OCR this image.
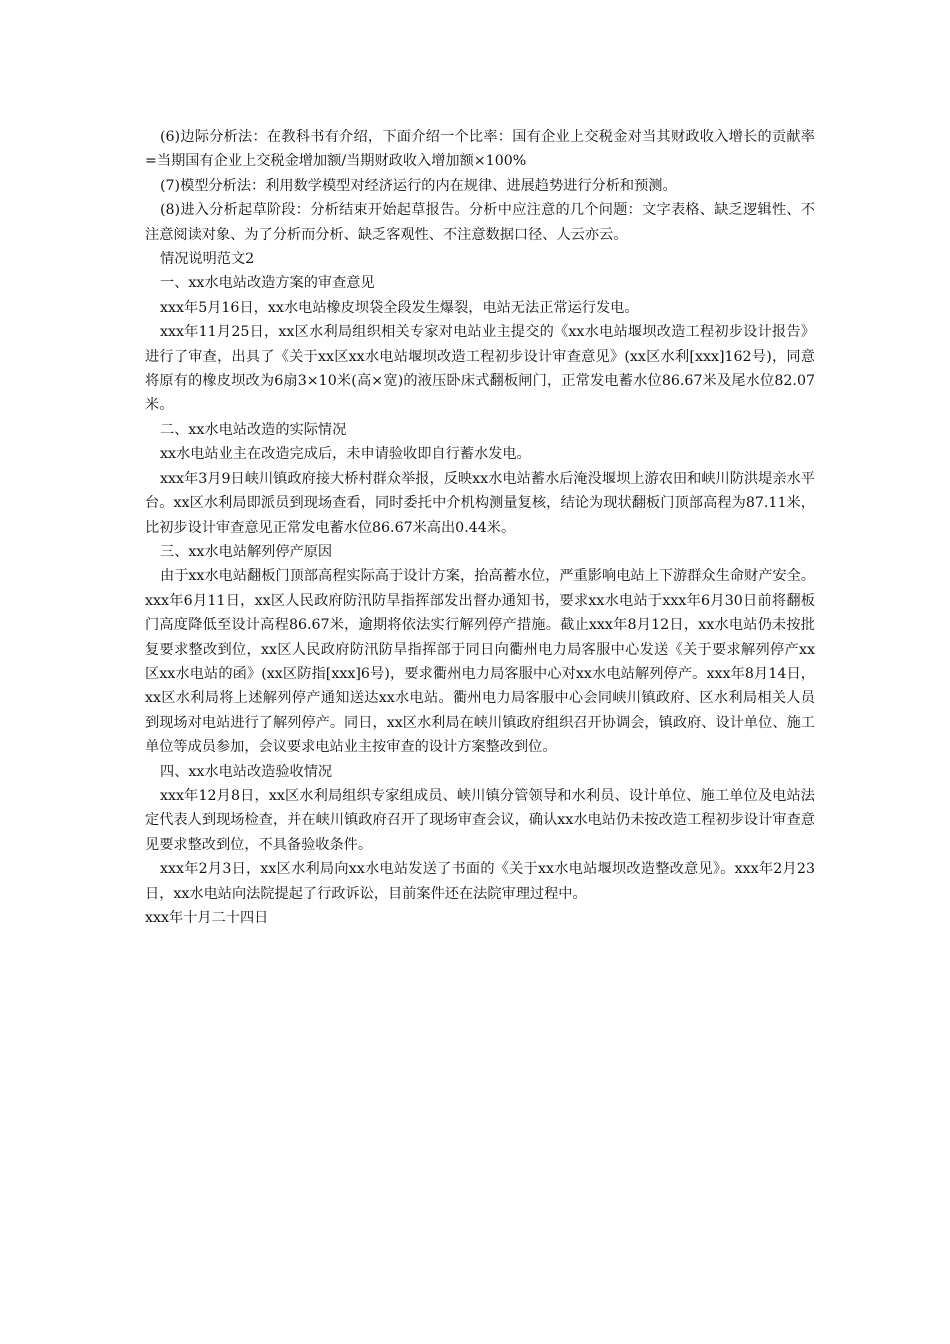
(6)边际分析法：在教科书有介绍，下面介绍一个比率：国有企业上交税金对当其财政收入增长的贡献率=当期国有企业上交税金增加额/当期财政收入增加额×100%

(7)模型分析法：利用数学模型对经济运行的内在规律、进展趋势进行分析和预测。

(8)进入分析起草阶段：分析结束开始起草报告。分析中应注意的几个问题：文字表格、缺乏逻辑性、不注意阅读对象、为了分析而分析、缺乏客观性、不注意数据口径、人云亦云。

情况说明范文2

一、xx水电站改造方案的审查意见

xxx年5月16日，xx水电站橡皮坝袋全段发生爆裂，电站无法正常运行发电。

xxx年11月25日，xx区水利局组织相关专家对电站业主提交的《xx水电站堰坝改造工程初步设计报告》进行了审查，出具了《关于xx区xx水电站堰坝改造工程初步设计审查意见》(xx区水利[xxx]162号)，同意将原有的橡皮坝改为6扇3×10米(高×宽)的液压卧床式翻板闸门，正常发电蓄水位86.67米及尾水位82.07米。

二、xx水电站改造的实际情况

xx水电站业主在改造完成后，未申请验收即自行蓄水发电。

xxx年3月9日峡川镇政府接大桥村群众举报，反映xx水电站蓄水后淹没堰坝上游农田和峡川防洪堤亲水平台。xx区水利局即派员到现场查看，同时委托中介机构测量复核，结论为现状翻板门顶部高程为87.11米，比初步设计审查意见正常发电蓄水位86.67米高出0.44米。

三、xx水电站解列停产原因

由于xx水电站翻板门顶部高程实际高于设计方案，抬高蓄水位，严重影响电站上下游群众生命财产安全。xxx年6月11日，xx区人民政府防汛防旱指挥部发出督办通知书，要求xx水电站于xxx年6月30日前将翻板门高度降低至设计高程86.67米，逾期将依法实行解列停产措施。截止xxx年8月12日，xx水电站仍未按批复要求整改到位，xx区人民政府防汛防旱指挥部于同日向衢州电力局客服中心发送《关于要求解列停产xx区xx水电站的函》(xx区防指[xxx]6号)，要求衢州电力局客服中心对xx水电站解列停产。xxx年8月14日，xx区水利局将上述解列停产通知送达xx水电站。衢州电力局客服中心会同峡川镇政府、区水利局相关人员到现场对电站进行了解列停产。同日，xx区水利局在峡川镇政府组织召开协调会，镇政府、设计单位、施工单位等成员参加，会议要求电站业主按审查的设计方案整改到位。

四、xx水电站改造验收情况

xxx年12月8日，xx区水利局组织专家组成员、峡川镇分管领导和水利员、设计单位、施工单位及电站法定代表人到现场检查，并在峡川镇政府召开了现场审查会议，确认xx水电站仍未按改造工程初步设计审查意见要求整改到位，不具备验收条件。

xxx年2月3日，xx区水利局向xx水电站发送了书面的《关于xx水电站堰坝改造整改意见》。xxx年2月23日，xx水电站向法院提起了行政诉讼，目前案件还在法院审理过程中。

xxx年十月二十四日
